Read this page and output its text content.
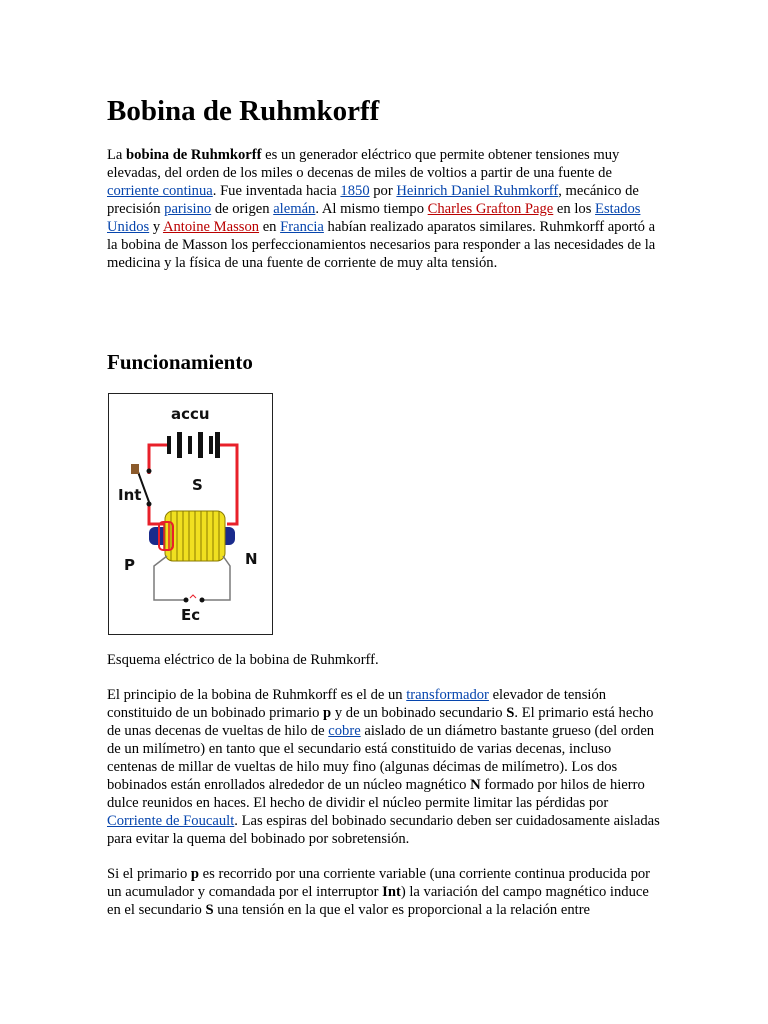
Bobina de Ruhmkorff

La bobina de Ruhmkorff es un generador eléctrico que permite obtener tensiones muy elevadas, del orden de los miles o decenas de miles de voltios a partir de una fuente de corriente continua. Fue inventada hacia 1850 por Heinrich Daniel Ruhmkorff, mecánico de precisión parisino de origen alemán. Al mismo tiempo Charles Grafton Page en los Estados Unidos y Antoine Masson en Francia habían realizado aparatos similares. Ruhmkorff aportó a la bobina de Masson los perfeccionamientos necesarios para responder a las necesidades de la medicina y la física de una fuente de corriente de muy alta tensión.

Funcionamiento
accu
Int
S
P	N
Ec

Esquema eléctrico de la bobina de Ruhmkorff.

El principio de la bobina de Ruhmkorff es el de un transformador elevador de tensión constituido de un bobinado primario p y de un bobinado secundario S. El primario está hecho de unas decenas de vueltas de hilo de cobre aislado de un diámetro bastante grueso (del orden de un milímetro) en tanto que el secundario está constituido de varias decenas, incluso centenas de millar de vueltas de hilo muy fino (algunas décimas de milímetro). Los dos bobinados están enrollados alrededor de un núcleo magnético N formado por hilos de hierro dulce reunidos en haces. El hecho de dividir el núcleo permite limitar las pérdidas por Corriente de Foucault. Las espiras del bobinado secundario deben ser cuidadosamente aisladas para evitar la quema del bobinado por sobretensión.

Si el primario p es recorrido por una corriente variable (una corriente continua producida por un acumulador y comandada por el interruptor Int) la variación del campo magnético induce en el secundario S una tensión en la que el valor es proporcional a la relación entre
